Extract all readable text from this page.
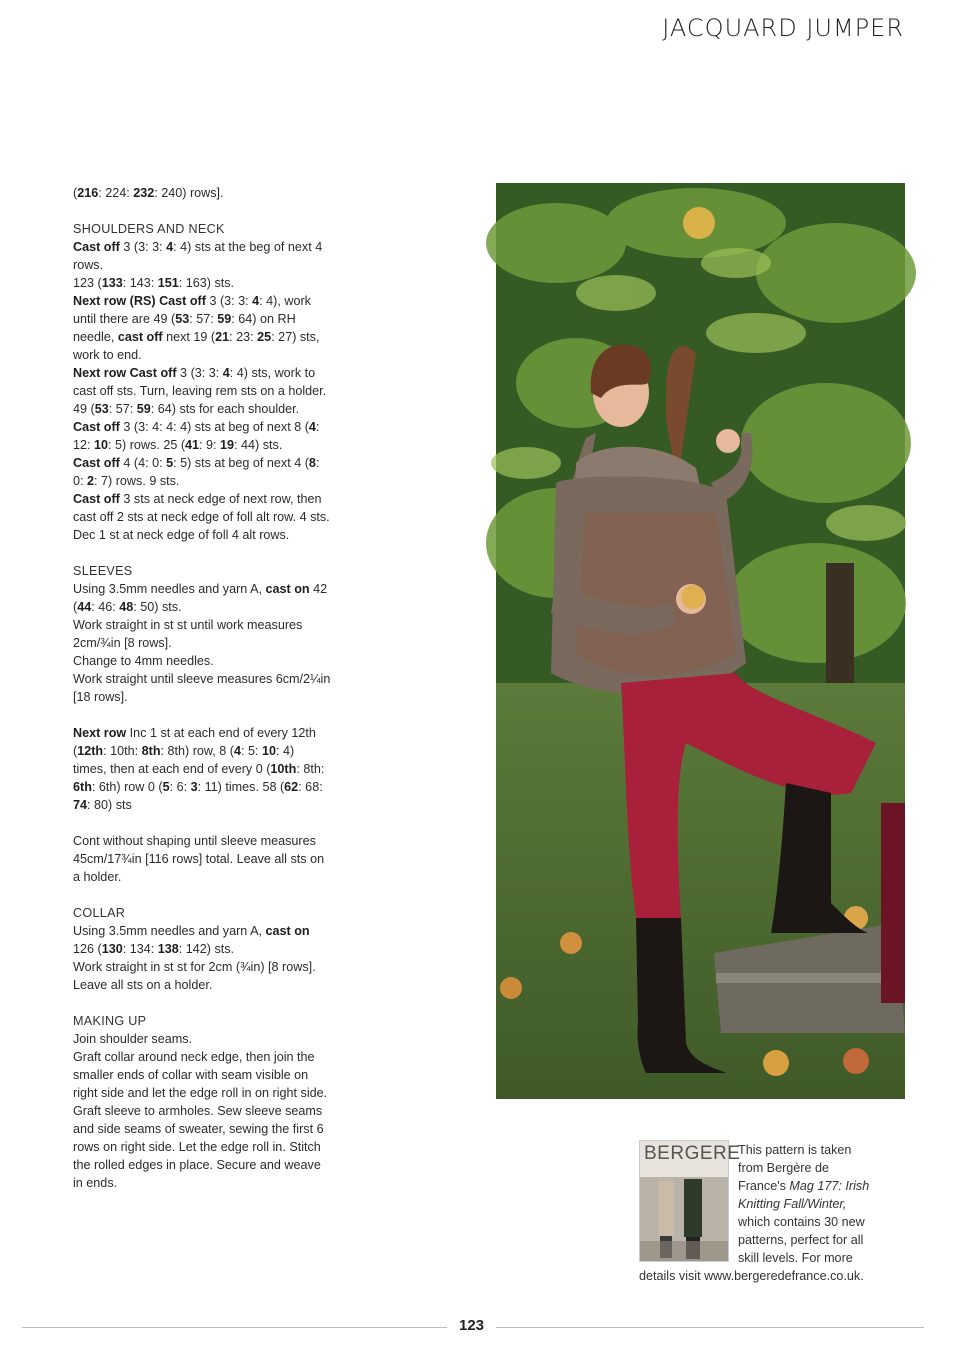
JACQUARD JUMPER

(216: 224: 232: 240) rows].

SHOULDERS AND NECK

Cast off 3 (3: 3: 4: 4) sts at the beg of next 4 rows.
123 (133: 143: 151: 163) sts.
Next row (RS) Cast off 3 (3: 3: 4: 4), work until there are 49 (53: 57: 59: 64) on RH needle, cast off next 19 (21: 23: 25: 27) sts, work to end.
Next row Cast off 3 (3: 3: 4: 4) sts, work to cast off sts. Turn, leaving rem sts on a holder. 49 (53: 57: 59: 64) sts for each shoulder.
Cast off 3 (3: 4: 4: 4) sts at beg of next 8 (4: 12: 10: 5) rows. 25 (41: 9: 19: 44) sts.
Cast off 4 (4: 0: 5: 5) sts at beg of next 4 (8: 0: 2: 7) rows. 9 sts.
Cast off 3 sts at neck edge of next row, then cast off 2 sts at neck edge of foll alt row. 4 sts.
Dec 1 st at neck edge of foll 4 alt rows.

SLEEVES

Using 3.5mm needles and yarn A, cast on 42 (44: 46: 48: 50) sts.
Work straight in st st until work measures 2cm/¾in [8 rows].
Change to 4mm needles.
Work straight until sleeve measures 6cm/2¼in [18 rows].

Next row Inc 1 st at each end of every 12th (12th: 10th: 8th: 8th) row, 8 (4: 5: 10: 4) times, then at each end of every 0 (10th: 8th: 6th: 6th) row 0 (5: 6: 3: 11) times. 58 (62: 68: 74: 80) sts

Cont without shaping until sleeve measures 45cm/17¾in [116 rows] total. Leave all sts on a holder.

COLLAR

Using 3.5mm needles and yarn A, cast on 126 (130: 134: 138: 142) sts.
Work straight in st st for 2cm (¾in) [8 rows]. Leave all sts on a holder.

MAKING UP

Join shoulder seams.
Graft collar around neck edge, then join the smaller ends of collar with seam visible on right side and let the edge roll in on right side. Graft sleeve to armholes. Sew sleeve seams and side seams of sweater, sewing the first 6 rows on right side. Let the edge roll in. Stitch the rolled edges in place. Secure and weave in ends.

BERGERE
This pattern is taken
from Bergère de
France's Mag 177: Irish
Knitting Fall/Winter,
which contains 30 new
patterns, perfect for all
skill levels. For more
details visit www.bergeredefrance.co.uk.
123
